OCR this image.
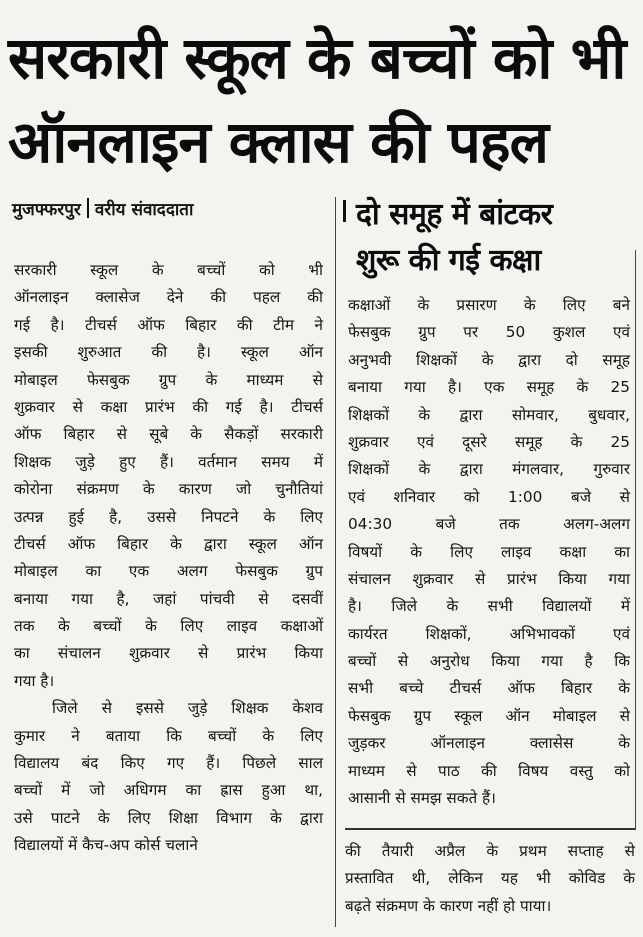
सरकारी स्कूल के बच्चों को भी
ऑनलाइन क्लास की पहल
मुजफ्फरपुर वरीय संवाददाता	दो समूह में बांटकर
शुरू की गई कक्षा
सरकारी स्कूल के बच्चों को भी
ऑनलाइन क्लासेज देने की पहल की
गई है। टीचर्स ऑफ बिहार की टीम ने
इसकी शुरुआत की है। स्कूल ऑन
मोबाइल फेसबुक ग्रुप के माध्यम से
शुक्रवार से कक्षा प्रारंभ की गई है। टीचर्स
ऑफ बिहार से सूबे के सैकड़ों सरकारी
शिक्षक जुड़े हुए हैं। वर्तमान समय में
कोरोना संक्रमण के कारण जो चुनौतियां
उत्पन्न हुई है, उससे निपटने के लिए
टीचर्स ऑफ बिहार के द्वारा स्कूल ऑन
मोबाइल का एक अलग फेसबुक ग्रुप
बनाया गया है, जहां पांचवी से दसवीं
तक के बच्चों के लिए लाइव कक्षाओं
का संचालन शुक्रवार से प्रारंभ किया
गया है।
जिले से इससे जुड़े शिक्षक केशव
कुमार ने बताया कि बच्चों के लिए
विद्यालय बंद किए गए हैं। पिछले साल
बच्चों में जो अधिगम का ह्रास हुआ था,
उसे पाटने के लिए शिक्षा विभाग के द्वारा
विद्यालयों में कैच-अप कोर्स चलाने
कक्षाओं के प्रसारण के लिए बने
फेसबुक ग्रुप पर 50 कुशल एवं
अनुभवी शिक्षकों के द्वारा दो समूह
बनाया गया है। एक समूह के 25
शिक्षकों के द्वारा सोमवार, बुधवार,
शुक्रवार एवं दूसरे समूह के 25
शिक्षकों के द्वारा मंगलवार, गुरुवार
एवं शनिवार को 1:00 बजे से
04:30 बजे तक अलग-अलग
विषयों के लिए लाइव कक्षा का
संचालन शुक्रवार से प्रारंभ किया गया
है। जिले के सभी विद्यालयों में
कार्यरत शिक्षकों, अभिभावकों एवं
बच्चों से अनुरोध किया गया है कि
सभी बच्चे टीचर्स ऑफ बिहार के
फेसबुक ग्रुप स्कूल ऑन मोबाइल से
जुड़कर ऑनलाइन क्लासेस के
माध्यम से पाठ की विषय वस्तु को
आसानी से समझ सकते हैं।
की तैयारी अप्रैल के प्रथम सप्ताह से
प्रस्तावित थी, लेकिन यह भी कोविड के
बढ़ते संक्रमण के कारण नहीं हो पाया।
